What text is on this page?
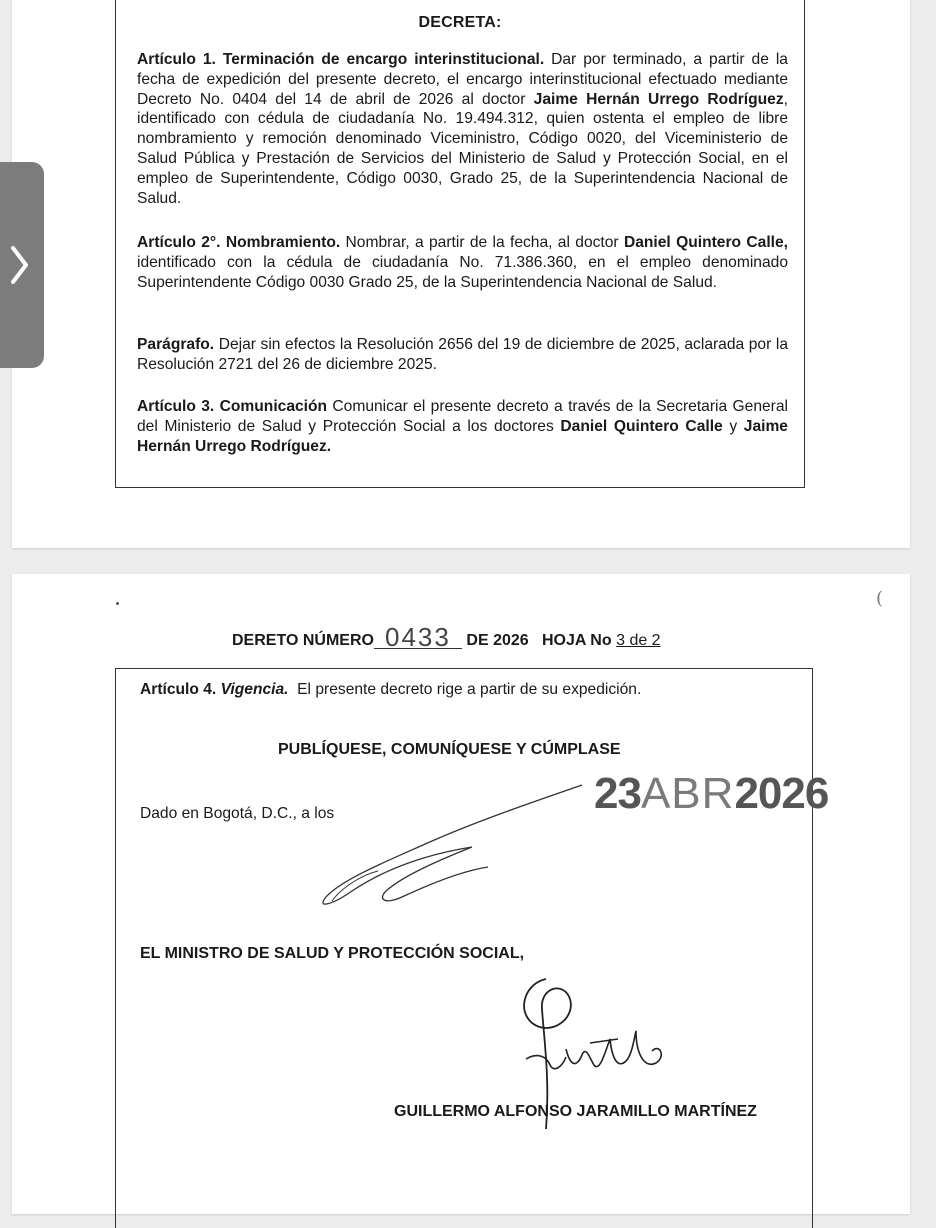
DECRETA:
Artículo 1. Terminación de encargo interinstitucional. Dar por terminado, a partir de la fecha de expedición del presente decreto, el encargo interinstitucional efectuado mediante Decreto No. 0404 del 14 de abril de 2026 al doctor Jaime Hernán Urrego Rodríguez, identificado con cédula de ciudadanía No. 19.494.312, quien ostenta el empleo de libre nombramiento y remoción denominado Viceministro, Código 0020, del Viceministerio de Salud Pública y Prestación de Servicios del Ministerio de Salud y Protección Social, en el empleo de Superintendente, Código 0030, Grado 25, de la Superintendencia Nacional de Salud.
Artículo 2°. Nombramiento. Nombrar, a partir de la fecha, al doctor Daniel Quintero Calle, identificado con la cédula de ciudadanía No. 71.386.360, en el empleo denominado Superintendente Código 0030 Grado 25, de la Superintendencia Nacional de Salud.
Parágrafo. Dejar sin efectos la Resolución 2656 del 19 de diciembre de 2025, aclarada por la Resolución 2721 del 26 de diciembre 2025.
Artículo 3. Comunicación Comunicar el presente decreto a través de la Secretaria General del Ministerio de Salud y Protección Social a los doctores Daniel Quintero Calle y Jaime Hernán Urrego Rodríguez.
(
DERETO NÚMERO 0433 DE 2026 HOJA No 3 de 2
Artículo 4. Vigencia. El presente decreto rige a partir de su expedición.
PUBLÍQUESE, COMUNÍQUESE Y CÚMPLASE
Dado en Bogotá, D.C., a los	23ABR2026
EL MINISTRO DE SALUD Y PROTECCIÓN SOCIAL,
GUILLERMO ALFONSO JARAMILLO MARTÍNEZ
